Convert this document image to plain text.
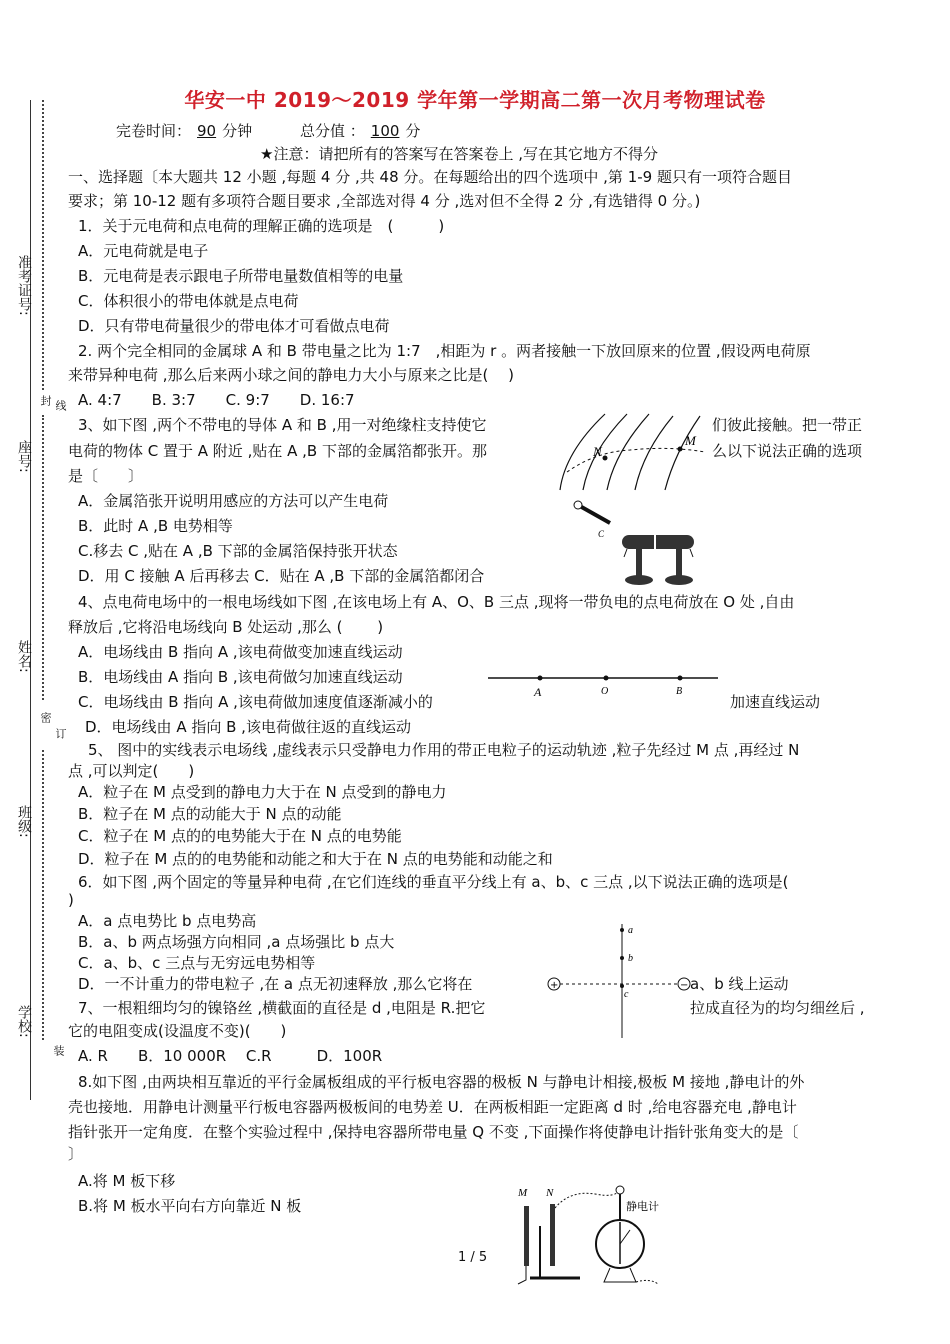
华安一中 2019～2019 学年第一学期高二第一次月考物理试卷
完卷时间： 90 分钟	总分值 ： 100 分
★注意：请把所有的答案写在答案卷上 ,写在其它地方不得分
准考证号:
封 线
座号:
姓名:
密
订
班级:
学校:
装
一、选择题〔本大题共 12 小题 ,每题 4 分 ,共 48 分。在每题给出的四个选项中 ,第 1-9 题只有一项符合题目
要求；第 10-12 题有多项符合题目要求 ,全部选对得 4 分 ,选对但不全得 2 分 ,有选错得 0 分。)
1．关于元电荷和点电荷的理解正确的选项是　(　　　)
A．元电荷就是电子
B．元电荷是表示跟电子所带电量数值相等的电量
C．体积很小的带电体就是点电荷
D．只有带电荷量很少的带电体才可看做点电荷
2. 两个完全相同的金属球 A 和 B 带电量之比为 1:7　,相距为 r 。两者接触一下放回原来的位置 ,假设两电荷原
来带异种电荷 ,那么后来两小球之间的静电力大小与原来之比是(　 )
A. 4:7　　B. 3:7　　C. 9:7　　D. 16:7
3、如下图 ,两个不带电的导体 A 和 B ,用一对绝缘柱支持使它	们彼此接触。把一带正
电荷的物体 C 置于 A 附近 ,贴在 A ,B 下部的金属箔都张开。那	么以下说法正确的选项
是〔　　〕
A．金属箔张开说明用感应的方法可以产生电荷
B．此时 A ,B 电势相等
C.移去 C ,贴在 A ,B 下部的金属箔保持张开状态
D．用 C 接触 A 后再移去 C．贴在 A ,B 下部的金属箔都闭合
N
M
C
4、点电荷电场中的一根电场线如下图 ,在该电场上有 A、O、B 三点 ,现将一带负电的点电荷放在 O 处 ,自由
释放后 ,它将沿电场线向 B 处运动 ,那么 (　　 )
A．电场线由 B 指向 A ,该电荷做变加速直线运动
B．电场线由 A 指向 B ,该电荷做匀加速直线运动
C．电场线由 B 指向 A ,该电荷做加速度值逐渐减小的	加速直线运动
D．电场线由 A 指向 B ,该电荷做往返的直线运动
A	O	B
5、 图中的实线表示电场线 ,虚线表示只受静电力作用的带正电粒子的运动轨迹 ,粒子先经过 M 点 ,再经过 N
点 ,可以判定(　　)
A．粒子在 M 点受到的静电力大于在 N 点受到的静电力
B．粒子在 M 点的动能大于 N 点的动能
C．粒子在 M 点的的电势能大于在 N 点的电势能
D．粒子在 M 点的的电势能和动能之和大于在 N 点的电势能和动能之和
6．如下图 ,两个固定的等量异种电荷 ,在它们连线的垂直平分线上有 a、b、c 三点 ,以下说法正确的选项是(
)
A．a 点电势比 b 点电势高
B．a、b 两点场强方向相同 ,a 点场强比 b 点大
C．a、b、c 三点与无穷远电势相等
D．一不计重力的带电粒子 ,在 a 点无初速释放 ,那么它将在	a、b 线上运动
a
b
c
+	−
7、一根粗细均匀的镍铬丝 ,横截面的直径是 d ,电阻是 R.把它	拉成直径为的均匀细丝后 ,
它的电阻变成(设温度不变)(　　)
A. R　　B．10 000R　 C.R　　　D．100R
8.如下图 ,由两块相互靠近的平行金属板组成的平行板电容器的极板 N 与静电计相接,极板 M 接地 ,静电计的外
壳也接地．用静电计测量平行板电容器两极板间的电势差 U．在两板相距一定距离 d 时 ,给电容器充电 ,静电计
指针张开一定角度．在整个实验过程中 ,保持电容器所带电量 Q 不变 ,下面操作将使静电计指针张角变大的是〔
〕
A.将 M 板下移
B.将 M 板水平向右方向靠近 N 板
M N
静电计
1 / 5
